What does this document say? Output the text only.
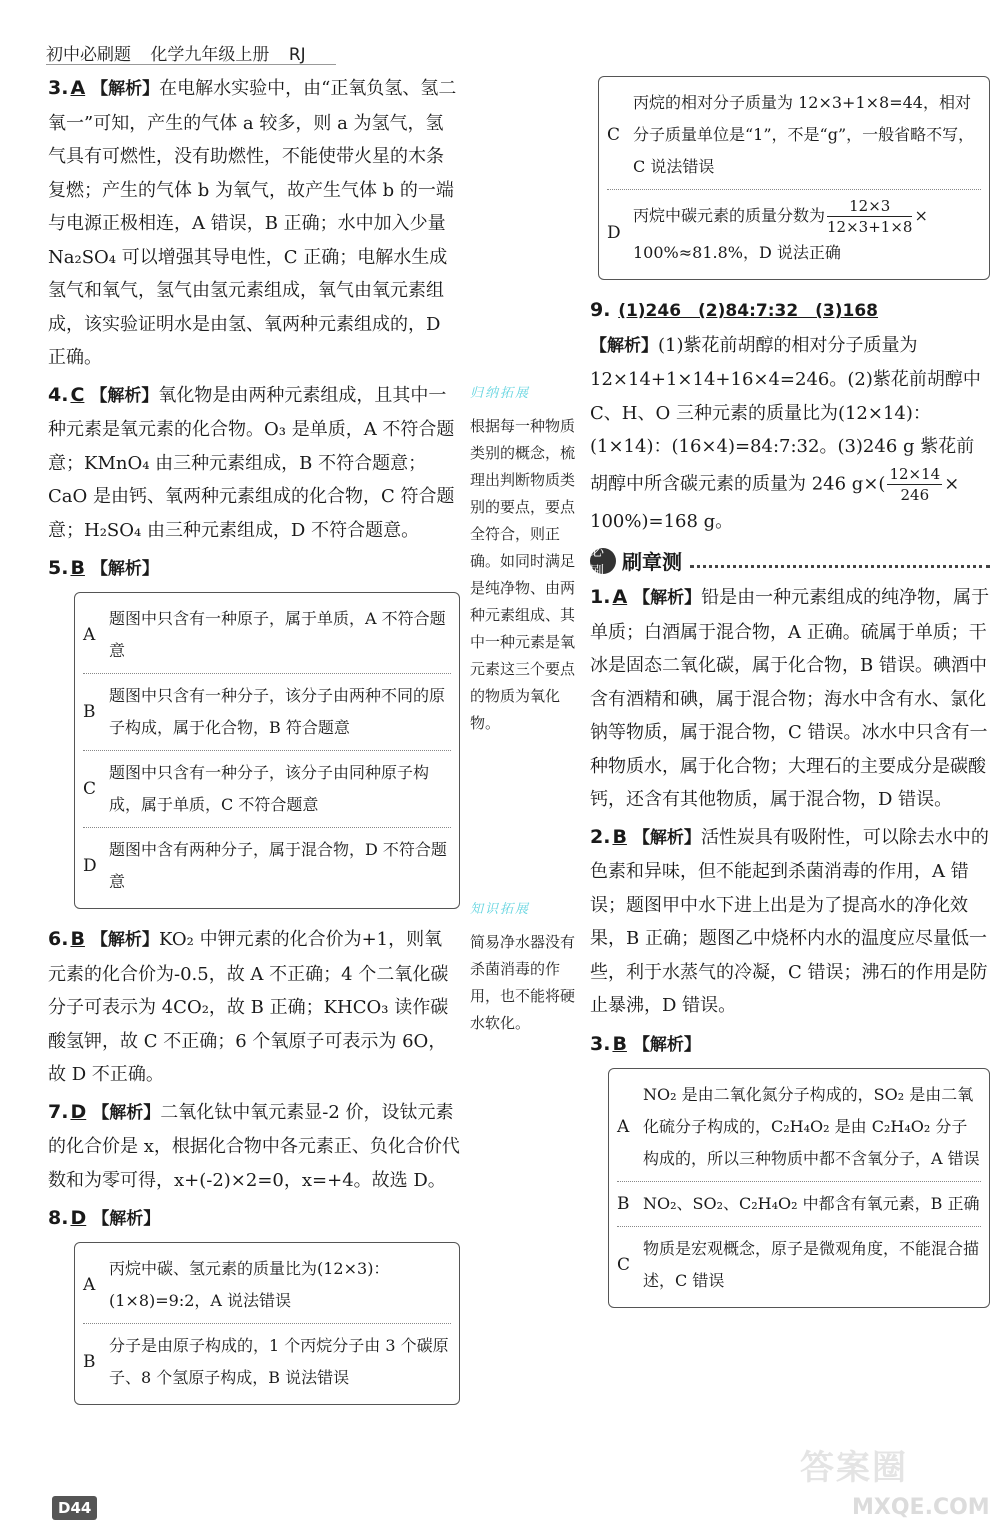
初中必刷题 化学九年级上册 RJ
3. A 【解析】在电解水实验中，由“正氧负氢、氢二氧一”可知，产生的气体 a 较多，则 a 为氢气，氢气具有可燃性，没有助燃性，不能使带火星的木条复燃；产生的气体 b 为氧气，故产生气体 b 的一端与电源正极相连，A 错误，B 正确；水中加入少量 Na₂SO₄ 可以增强其导电性，C 正确；电解水生成氢气和氧气，氢气由氢元素组成，氧气由氧元素组成，该实验证明水是由氢、氧两种元素组成的，D 正确。
4. C 【解析】氧化物是由两种元素组成，且其中一种元素是氧元素的化合物。O₃ 是单质，A 不符合题意；KMnO₄ 由三种元素组成，B 不符合题意；CaO 是由钙、氧两种元素组成的化合物，C 符合题意；H₂SO₄ 由三种元素组成，D 不符合题意。
5. B 【解析】
A
题图中只含有一种原子，属于单质，A 不符合题意
B
题图中只含有一种分子，该分子由两种不同的原子构成，属于化合物，B 符合题意
C
题图中只含有一种分子，该分子由同种原子构成，属于单质，C 不符合题意
D
题图中含有两种分子，属于混合物，D 不符合题意
6. B 【解析】KO₂ 中钾元素的化合价为+1，则氧元素的化合价为-0.5，故 A 不正确；4 个二氧化碳分子可表示为 4CO₂，故 B 正确；KHCO₃ 读作碳酸氢钾，故 C 不正确；6 个氧原子可表示为 6O，故 D 不正确。
7. D 【解析】二氧化钛中氧元素显-2 价，设钛元素的化合价是 x，根据化合物中各元素正、负化合价代数和为零可得，x+(-2)×2=0，x=+4。故选 D。
8. D 【解析】
A
丙烷中碳、氢元素的质量比为(12×3)：(1×8)=9:2，A 说法错误
B
分子是由原子构成的，1 个丙烷分子由 3 个碳原子、8 个氢原子构成，B 说法错误
归纳拓展
根据每一种物质类别的概念，梳理出判断物质类别的要点，要点全符合，则正确。如同时满足是纯净物、由两种元素组成、其中一种元素是氧元素这三个要点的物质为氧化物。
知识拓展
简易净水器没有杀菌消毒的作用，也不能将硬水软化。
C
丙烷的相对分子质量为 12×3+1×8=44，相对分子质量单位是“1”，不是“g”，一般省略不写，C 说法错误
D
丙烷中碳元素的质量分数为 $\frac{12\times 3}{12\times 3+1\times 8}$ ×
100%≈81.8%，D 说法正确
9. (1)246　(2)84:7:32　(3)168
【解析】(1)紫花前胡醇的相对分子质量为 12×14+1×14+16×4=246。(2)紫花前胡醇中 C、H、O 三种元素的质量比为(12×14)：(1×14)：(16×4)=84:7:32。(3)246 g 紫花前胡醇中所含碳元素的质量为 246 $g\times( \frac{12\times 14}{246} \times 100\%)=168$ g。
必刷 刷章测
1. A 【解析】铅是由一种元素组成的纯净物，属于单质；白酒属于混合物，A 正确。硫属于单质；干冰是固态二氧化碳，属于化合物，B 错误。碘酒中含有酒精和碘，属于混合物；海水中含有水、氯化钠等物质，属于混合物，C 错误。冰水中只含有一种物质水，属于化合物；大理石的主要成分是碳酸钙，还含有其他物质，属于混合物，D 错误。
2. B 【解析】活性炭具有吸附性，可以除去水中的色素和异味，但不能起到杀菌消毒的作用，A 错误；题图甲中水下进上出是为了提高水的净化效果，B 正确；题图乙中烧杯内水的温度应尽量低一些，利于水蒸气的冷凝，C 错误；沸石的作用是防止暴沸，D 错误。
3. B 【解析】
A
NO₂ 是由二氧化氮分子构成的，SO₂ 是由二氧化硫分子构成的，C₂H₄O₂ 是由 C₂H₄O₂ 分子构成的，所以三种物质中都不含氧分子，A 错误
B NO₂、SO₂、C₂H₄O₂ 中都含有氧元素，B 正确
C
物质是宏观概念，原子是微观角度，不能混合描述，C 错误
D44
答案圈
MXQE.COM
